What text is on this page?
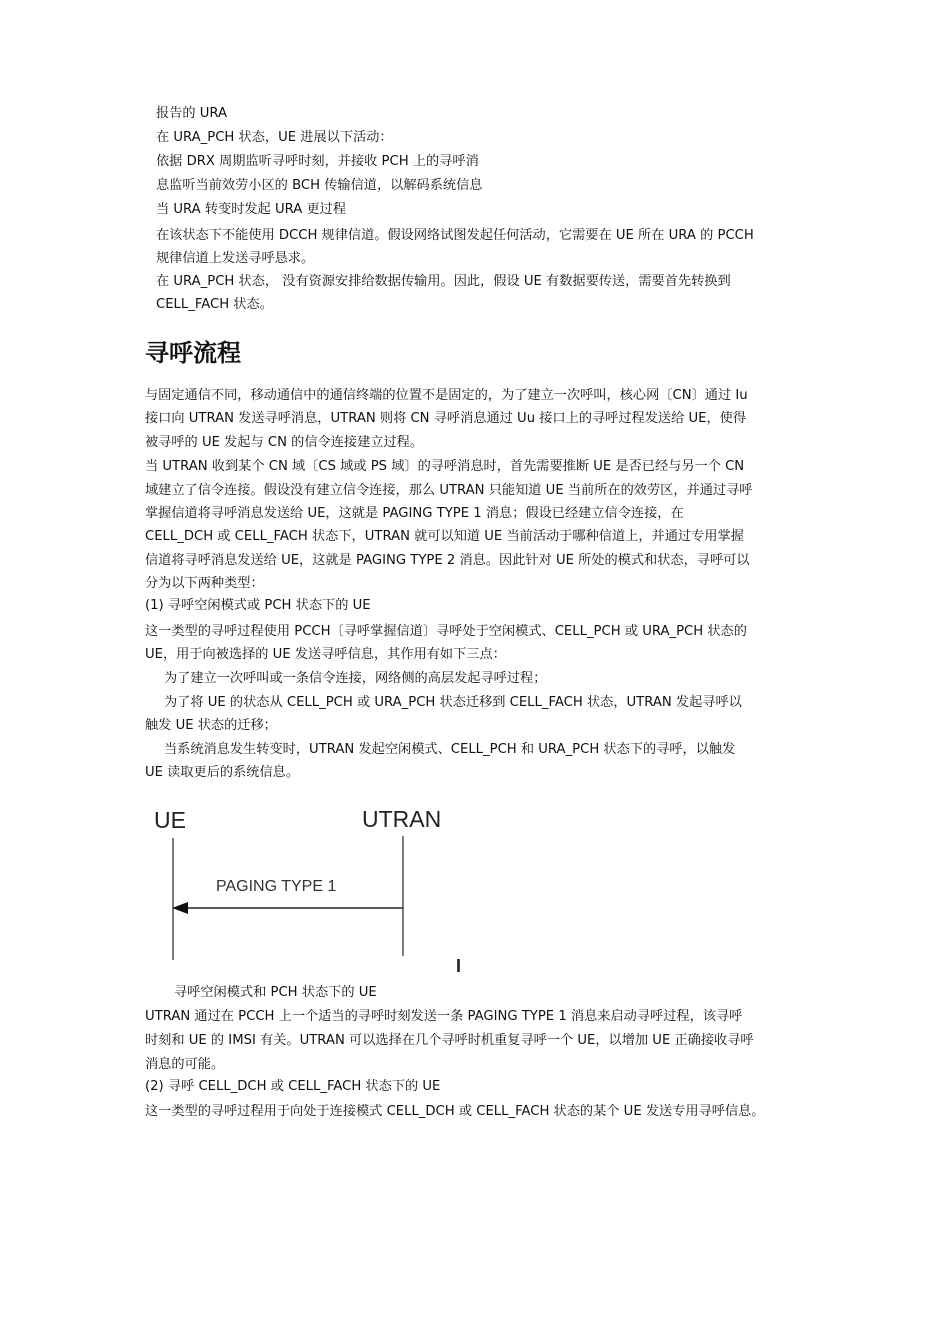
报告的 URA
在 URA_PCH 状态，UE 进展以下活动：
依据 DRX 周期监听寻呼时刻，并接收 PCH 上的寻呼消
息监听当前效劳小区的 BCH 传输信道，以解码系统信息
当 URA 转变时发起 URA 更过程
在该状态下不能使用 DCCH 规律信道。假设网络试图发起任何活动，它需要在 UE 所在 URA 的 PCCH
规律信道上发送寻呼恳求。
在 URA_PCH 状态， 没有资源安排给数据传输用。因此，假设 UE 有数据要传送，需要首先转换到
CELL_FACH 状态。
寻呼流程
与固定通信不同，移动通信中的通信终端的位置不是固定的，为了建立一次呼叫，核心网〔CN〕通过 Iu
接口向 UTRAN 发送寻呼消息，UTRAN 则将 CN 寻呼消息通过 Uu 接口上的寻呼过程发送给 UE，使得
被寻呼的 UE 发起与 CN 的信令连接建立过程。
当 UTRAN 收到某个 CN 域〔CS 域或 PS 域〕的寻呼消息时，首先需要推断 UE 是否已经与另一个 CN
域建立了信令连接。假设没有建立信令连接，那么 UTRAN 只能知道 UE 当前所在的效劳区，并通过寻呼
掌握信道将寻呼消息发送给 UE，这就是 PAGING TYPE 1 消息；假设已经建立信令连接，在
CELL_DCH 或 CELL_FACH 状态下，UTRAN 就可以知道 UE 当前活动于哪种信道上，并通过专用掌握
信道将寻呼消息发送给 UE，这就是 PAGING TYPE 2 消息。因此针对 UE 所处的模式和状态，寻呼可以
分为以下两种类型：
(1) 寻呼空闲模式或 PCH 状态下的 UE
这一类型的寻呼过程使用 PCCH〔寻呼掌握信道〕寻呼处于空闲模式、CELL_PCH 或 URA_PCH 状态的
UE，用于向被选择的 UE 发送寻呼信息，其作用有如下三点：
为了建立一次呼叫或一条信令连接，网络侧的高层发起寻呼过程；
为了将 UE 的状态从 CELL_PCH 或 URA_PCH 状态迁移到 CELL_FACH 状态，UTRAN 发起寻呼以
触发 UE 状态的迁移；
当系统消息发生转变时，UTRAN 发起空闲模式、CELL_PCH 和 URA_PCH 状态下的寻呼，以触发
UE 读取更后的系统信息。
UE	UTRAN
PAGING TYPE 1
I
寻呼空闲模式和 PCH 状态下的 UE
UTRAN 通过在 PCCH 上一个适当的寻呼时刻发送一条 PAGING TYPE 1 消息来启动寻呼过程，该寻呼
时刻和 UE 的 IMSI 有关。UTRAN 可以选择在几个寻呼时机重复寻呼一个 UE，以增加 UE 正确接收寻呼
消息的可能。
(2) 寻呼 CELL_DCH 或 CELL_FACH 状态下的 UE
这一类型的寻呼过程用于向处于连接模式 CELL_DCH 或 CELL_FACH 状态的某个 UE 发送专用寻呼信息。
